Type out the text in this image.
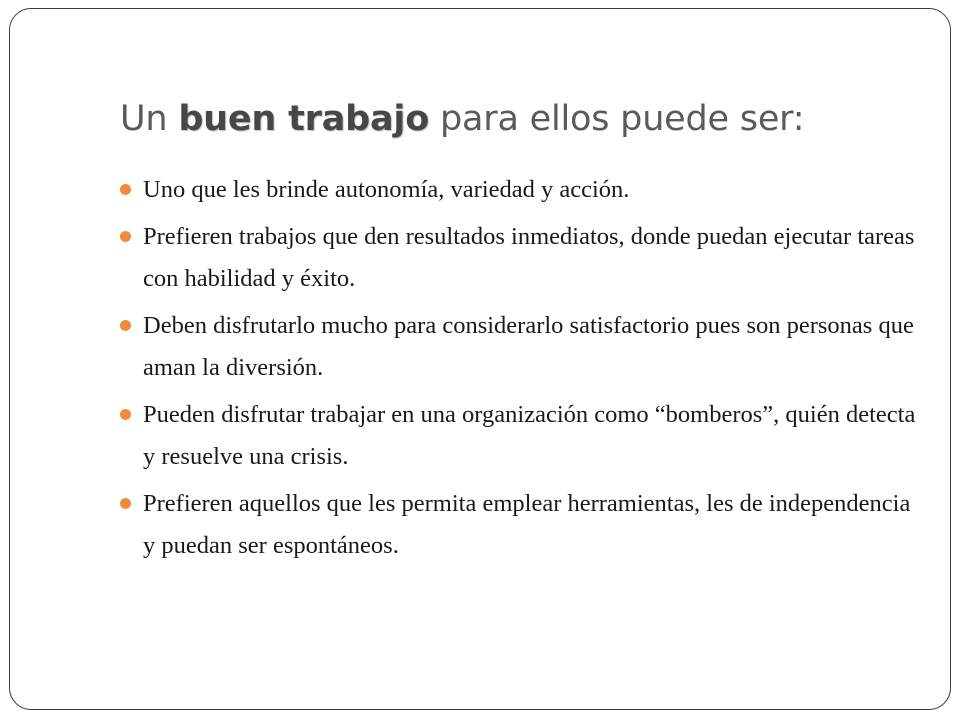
Un buen trabajo para ellos puede ser:
Uno que les brinde autonomía, variedad y acción.
Prefieren trabajos que den resultados inmediatos, donde puedan ejecutar tareas con habilidad y éxito.
Deben disfrutarlo mucho para considerarlo satisfactorio pues son personas que aman la diversión.
Pueden disfrutar trabajar en una organización como “bomberos”, quién detecta y resuelve una crisis.
Prefieren aquellos que les permita emplear herramientas, les de independencia y puedan ser espontáneos.
